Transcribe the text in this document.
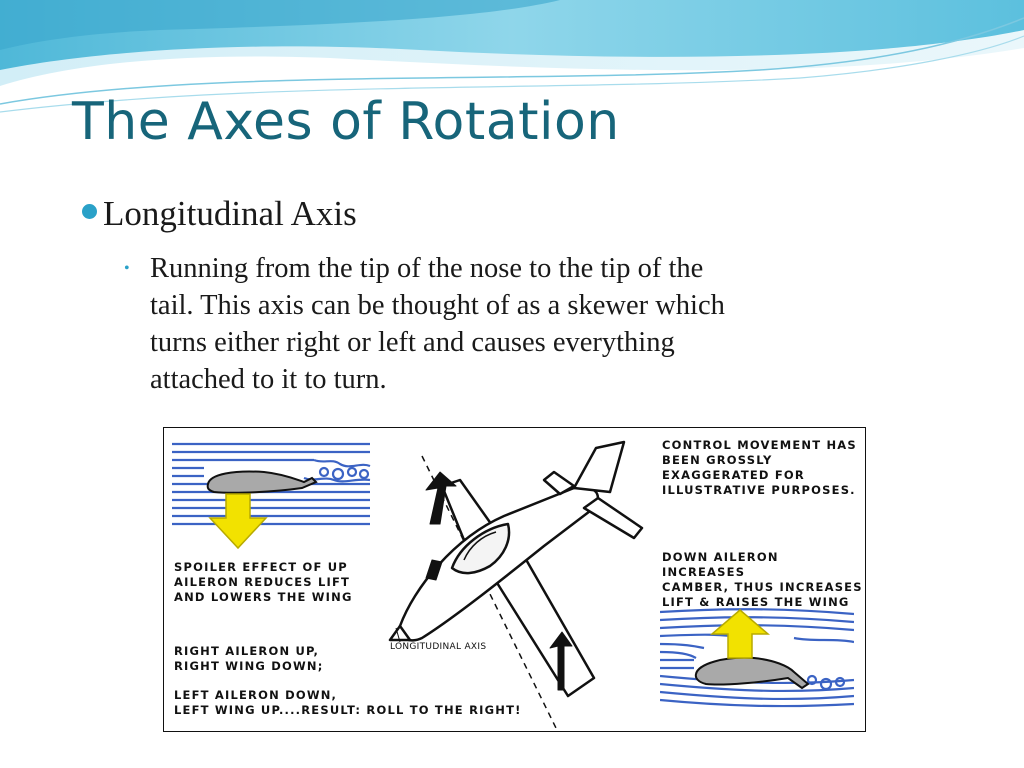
The Axes of Rotation
Longitudinal Axis
• Running from the tip of the nose to the tip of the
tail. This axis can be thought of as a skewer which
turns either right or left and causes everything
attached to it to turn.

CONTROL MOVEMENT HAS
BEEN GROSSLY
EXAGGERATED FOR
ILLUSTRATIVE PURPOSES.

SPOILER EFFECT OF UP
AILERON REDUCES LIFT
AND LOWERS THE WING

DOWN AILERON INCREASES
CAMBER, THUS INCREASES
LIFT & RAISES THE WING

RIGHT AILERON UP,
RIGHT WING DOWN;

LEFT AILERON DOWN,
LEFT WING UP....RESULT: ROLL TO THE RIGHT!

LONGITUDINAL AXIS
